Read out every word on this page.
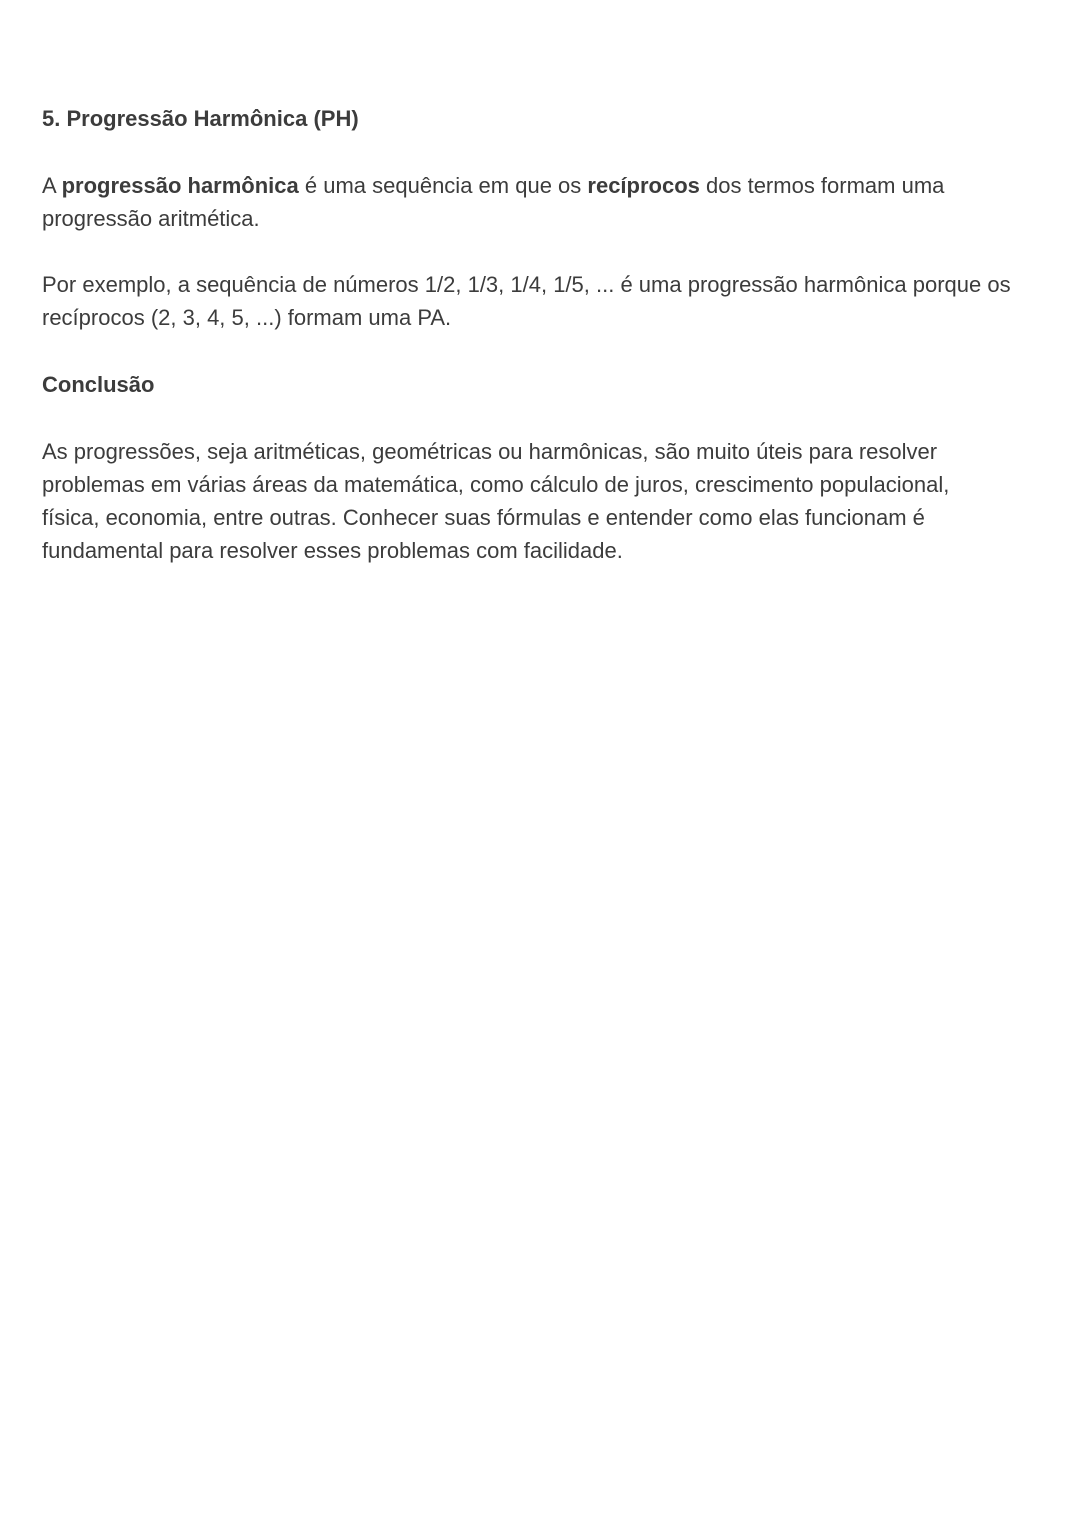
5. Progressão Harmônica (PH)

A progressão harmônica é uma sequência em que os recíprocos dos termos formam uma progressão aritmética.

Por exemplo, a sequência de números 1/2, 1/3, 1/4, 1/5, ... é uma progressão harmônica porque os recíprocos (2, 3, 4, 5, ...) formam uma PA.

Conclusão

As progressões, seja aritméticas, geométricas ou harmônicas, são muito úteis para resolver problemas em várias áreas da matemática, como cálculo de juros, crescimento populacional, física, economia, entre outras. Conhecer suas fórmulas e entender como elas funcionam é fundamental para resolver esses problemas com facilidade.
